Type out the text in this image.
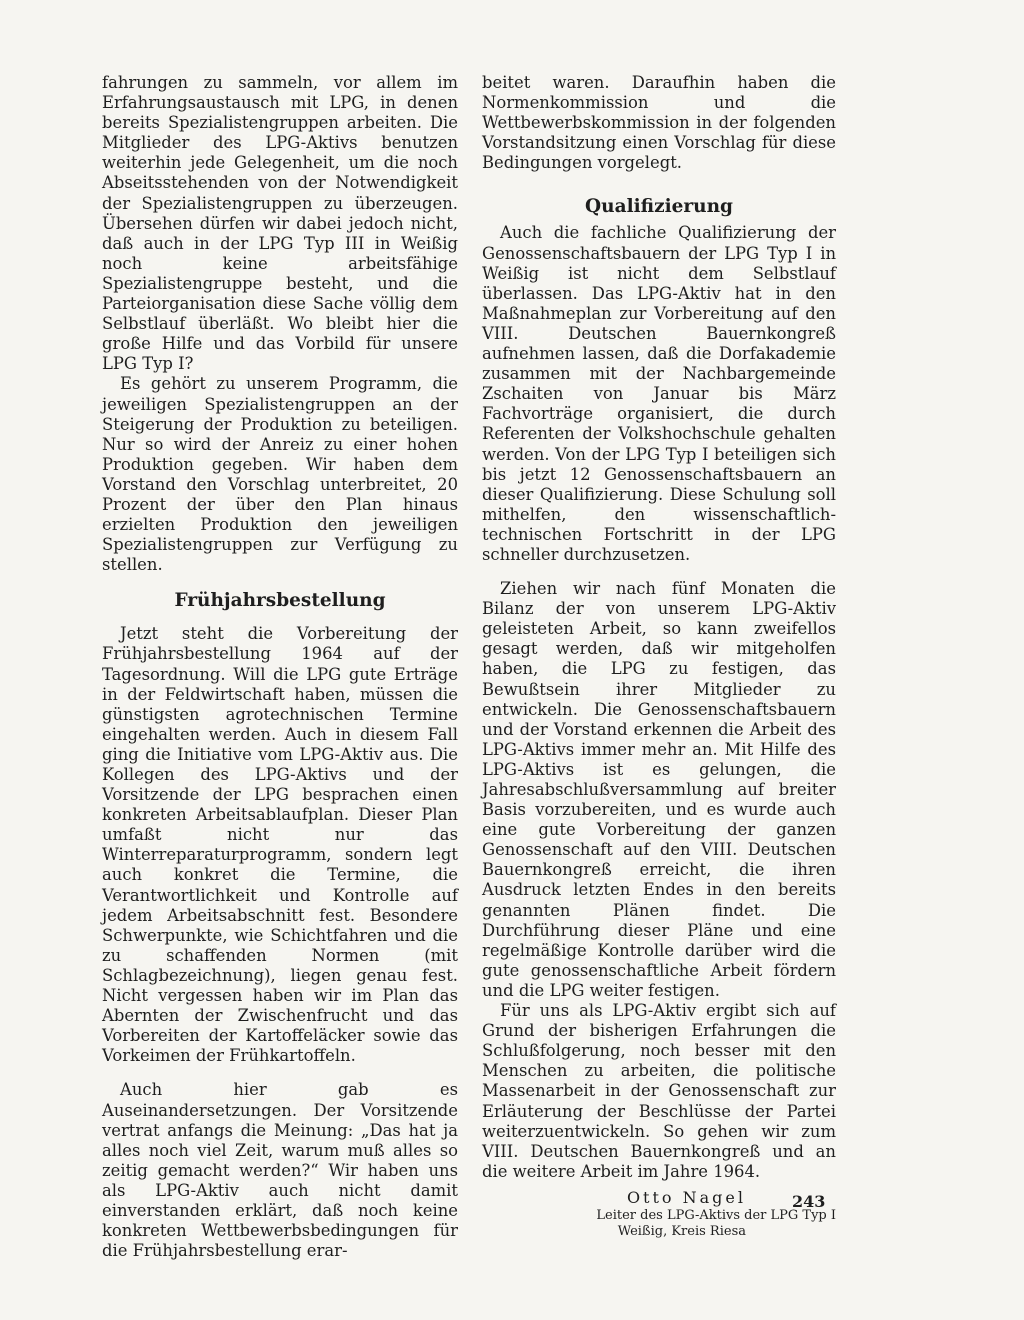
fahrungen zu sammeln, vor allem im Erfahrungsaustausch mit LPG, in denen bereits Spezialistengruppen arbeiten. Die Mitglieder des LPG-Aktivs benutzen weiterhin jede Gelegenheit, um die noch Abseitsstehenden von der Notwendigkeit der Spezialistengruppen zu überzeugen. Übersehen dürfen wir dabei jedoch nicht, daß auch in der LPG Typ III in Weißig noch keine arbeitsfähige Spezialistengruppe besteht, und die Parteiorganisation diese Sache völlig dem Selbstlauf überläßt. Wo bleibt hier die große Hilfe und das Vorbild für unsere LPG Typ I?

Es gehört zu unserem Programm, die jeweiligen Spezialistengruppen an der Steigerung der Produktion zu beteiligen. Nur so wird der Anreiz zu einer hohen Produktion gegeben. Wir haben dem Vorstand den Vorschlag unterbreitet, 20 Prozent der über den Plan hinaus erzielten Produktion den jeweiligen Spezialistengruppen zur Verfügung zu stellen.

Frühjahrsbestellung

Jetzt steht die Vorbereitung der Frühjahrsbestellung 1964 auf der Tagesordnung. Will die LPG gute Erträge in der Feldwirtschaft haben, müssen die günstigsten agrotechnischen Termine eingehalten werden. Auch in diesem Fall ging die Initiative vom LPG-Aktiv aus. Die Kollegen des LPG-Aktivs und der Vorsitzende der LPG besprachen einen konkreten Arbeitsablaufplan. Dieser Plan umfaßt nicht nur das Winterreparaturprogramm, sondern legt auch konkret die Termine, die Verantwortlichkeit und Kontrolle auf jedem Arbeitsabschnitt fest. Besondere Schwerpunkte, wie Schichtfahren und die zu schaffenden Normen (mit Schlagbezeichnung), liegen genau fest. Nicht vergessen haben wir im Plan das Abernten der Zwischenfrucht und das Vorbereiten der Kartoffeläcker sowie das Vorkeimen der Frühkartoffeln.

Auch hier gab es Auseinandersetzungen. Der Vorsitzende vertrat anfangs die Meinung: „Das hat ja alles noch viel Zeit, warum muß alles so zeitig gemacht werden?“ Wir haben uns als LPG-Aktiv auch nicht damit einverstanden erklärt, daß noch keine konkreten Wettbewerbsbedingungen für die Frühjahrsbestellung erar-

beitet waren. Daraufhin haben die Normenkommission und die Wettbewerbskommission in der folgenden Vorstandsitzung einen Vorschlag für diese Bedingungen vorgelegt.

Qualifizierung

Auch die fachliche Qualifizierung der Genossenschaftsbauern der LPG Typ I in Weißig ist nicht dem Selbstlauf überlassen. Das LPG-Aktiv hat in den Maßnahmeplan zur Vorbereitung auf den VIII. Deutschen Bauernkongreß aufnehmen lassen, daß die Dorfakademie zusammen mit der Nachbargemeinde Zschaiten von Januar bis März Fachvorträge organisiert, die durch Referenten der Volkshochschule gehalten werden. Von der LPG Typ I beteiligen sich bis jetzt 12 Genossenschaftsbauern an dieser Qualifizierung. Diese Schulung soll mithelfen, den wissenschaftlich-technischen Fortschritt in der LPG schneller durchzusetzen.

Ziehen wir nach fünf Monaten die Bilanz der von unserem LPG-Aktiv geleisteten Arbeit, so kann zweifellos gesagt werden, daß wir mitgeholfen haben, die LPG zu festigen, das Bewußtsein ihrer Mitglieder zu entwickeln. Die Genossenschaftsbauern und der Vorstand erkennen die Arbeit des LPG-Aktivs immer mehr an. Mit Hilfe des LPG-Aktivs ist es gelungen, die Jahresabschlußversammlung auf breiter Basis vorzubereiten, und es wurde auch eine gute Vorbereitung der ganzen Genossenschaft auf den VIII. Deutschen Bauernkongreß erreicht, die ihren Ausdruck letzten Endes in den bereits genannten Plänen findet. Die Durchführung dieser Pläne und eine regelmäßige Kontrolle darüber wird die gute genossenschaftliche Arbeit fördern und die LPG weiter festigen.

Für uns als LPG-Aktiv ergibt sich auf Grund der bisherigen Erfahrungen die Schlußfolgerung, noch besser mit den Menschen zu arbeiten, die politische Massenarbeit in der Genossenschaft zur Erläuterung der Beschlüsse der Partei weiterzuentwickeln. So gehen wir zum VIII. Deutschen Bauernkongreß und an die weitere Arbeit im Jahre 1964.

Otto Nagel
Leiter des LPG-Aktivs der LPG Typ I
Weißig, Kreis Riesa
243
